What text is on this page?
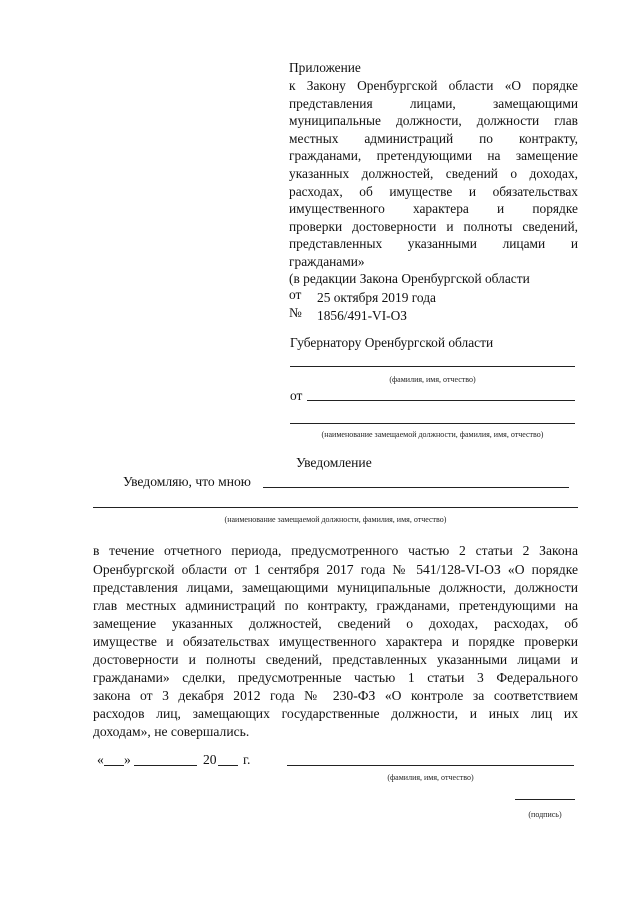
Приложение
к Закону Оренбургской области «О порядке
представления лицами, замещающими
муниципальные должности, должности глав
местных администраций по контракту,
гражданами, претендующими на замещение
указанных должностей, сведений о доходах,
расходах, об имуществе и обязательствах
имущественного характера и порядке
проверки достоверности и полноты сведений,
представленных указанными лицами и
гражданами»
(в редакции Закона Оренбургской области
от 25 октября 2019 года
№ 1856/491-VI-ОЗ
Губернатору Оренбургской области
(фамилия, имя, отчество)
от
(наименование замещаемой должности, фамилия, имя, отчество)
Уведомление
Уведомляю, что мною
(наименование замещаемой должности, фамилия, имя, отчество)
в течение отчетного периода, предусмотренного частью 2 статьи 2 Закона
Оренбургской области от 1 сентября 2017 года № 541/128-VI-ОЗ «О порядке
представления лицами, замещающими муниципальные должности, должности
глав местных администраций по контракту, гражданами, претендующими на
замещение указанных должностей, сведений о доходах, расходах, об
имуществе и обязательствах имущественного характера и порядке проверки
достоверности и полноты сведений, представленных указанными лицами и
гражданами» сделки, предусмотренные частью 1 статьи 3 Федерального
закона от 3 декабря 2012 года № 230-ФЗ «О контроле за соответствием
расходов лиц, замещающих государственные должности, и иных лиц их
доходам», не совершались.
« »	20 г.
(фамилия, имя, отчество)
(подпись)
